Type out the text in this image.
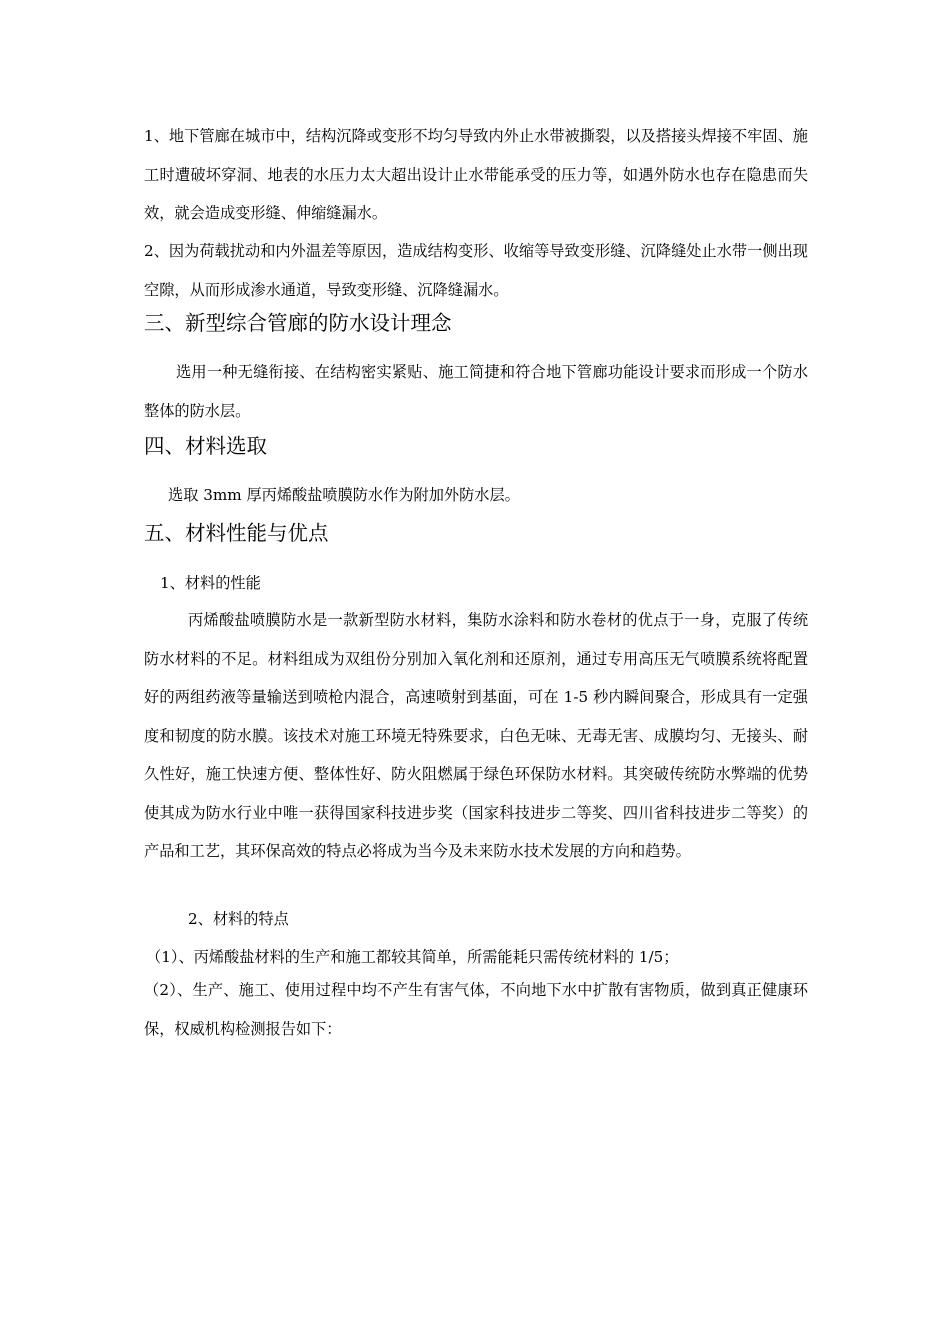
1、地下管廊在城市中，结构沉降或变形不均匀导致内外止水带被撕裂，以及搭接头焊接不牢固、施工时遭破坏穿洞、地表的水压力太大超出设计止水带能承受的压力等，如遇外防水也存在隐患而失效，就会造成变形缝、伸缩缝漏水。

2、因为荷载扰动和内外温差等原因，造成结构变形、收缩等导致变形缝、沉降缝处止水带一侧出现空隙，从而形成渗水通道，导致变形缝、沉降缝漏水。

三、新型综合管廊的防水设计理念

选用一种无缝衔接、在结构密实紧贴、施工简捷和符合地下管廊功能设计要求而形成一个防水整体的防水层。

四、材料选取

选取 3mm 厚丙烯酸盐喷膜防水作为附加外防水层。

五、材料性能与优点

1、材料的性能

丙烯酸盐喷膜防水是一款新型防水材料，集防水涂料和防水卷材的优点于一身，克服了传统防水材料的不足。材料组成为双组份分别加入氧化剂和还原剂，通过专用高压无气喷膜系统将配置好的两组药液等量输送到喷枪内混合，高速喷射到基面，可在 1-5 秒内瞬间聚合，形成具有一定强度和韧度的防水膜。该技术对施工环境无特殊要求，白色无味、无毒无害、成膜均匀、无接头、耐久性好，施工快速方便、整体性好、防火阻燃属于绿色环保防水材料。其突破传统防水弊端的优势使其成为防水行业中唯一获得国家科技进步奖（国家科技进步二等奖、四川省科技进步二等奖）的产品和工艺，其环保高效的特点必将成为当今及未来防水技术发展的方向和趋势。

2、材料的特点

（1）、丙烯酸盐材料的生产和施工都较其简单，所需能耗只需传统材料的 1/5；

（2）、生产、施工、使用过程中均不产生有害气体，不向地下水中扩散有害物质，做到真正健康环保，权威机构检测报告如下：
